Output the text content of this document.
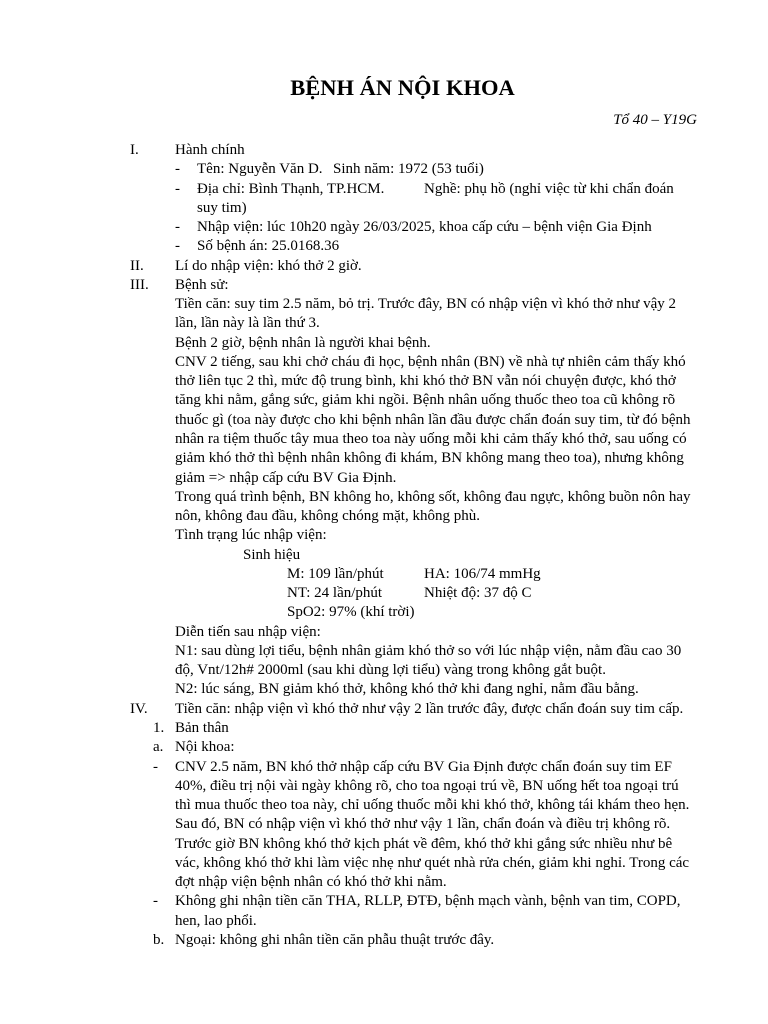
BỆNH ÁN NỘI KHOA
Tổ 40 – Y19G
I. Hành chính
- Tên: Nguyễn Văn D. Sinh năm: 1972 (53 tuổi)
- Địa chỉ: Bình Thạnh, TP.HCM.	Nghề: phụ hồ (nghỉ việc từ khi chẩn đoán
suy tim)
- Nhập viện: lúc 10h20 ngày 26/03/2025, khoa cấp cứu – bệnh viện Gia Định
- Số bệnh án: 25.0168.36
II. Lí do nhập viện: khó thở 2 giờ.
III. Bệnh sử:
Tiền căn: suy tim 2.5 năm, bỏ trị. Trước đây, BN có nhập viện vì khó thở như vậy 2
lần, lần này là lần thứ 3.
Bệnh 2 giờ, bệnh nhân là người khai bệnh.
CNV 2 tiếng, sau khi chở cháu đi học, bệnh nhân (BN) về nhà tự nhiên cảm thấy khó
thở liên tục 2 thì, mức độ trung bình, khi khó thở BN vẫn nói chuyện được, khó thở
tăng khi nằm, gắng sức, giảm khi ngồi. Bệnh nhân uống thuốc theo toa cũ không rõ
thuốc gì (toa này được cho khi bệnh nhân lần đầu được chẩn đoán suy tim, từ đó bệnh
nhân ra tiệm thuốc tây mua theo toa này uống mỗi khi cảm thấy khó thở, sau uống có
giảm khó thở thì bệnh nhân không đi khám, BN không mang theo toa), nhưng không
giảm => nhập cấp cứu BV Gia Định.
Trong quá trình bệnh, BN không ho, không sốt, không đau ngực, không buồn nôn hay
nôn, không đau đầu, không chóng mặt, không phù.
Tình trạng lúc nhập viện:
Sinh hiệu
M: 109 lần/phút	HA: 106/74 mmHg
NT: 24 lần/phút	Nhiệt độ: 37 độ C
SpO2: 97% (khí trời)
Diễn tiến sau nhập viện:
N1: sau dùng lợi tiểu, bệnh nhân giảm khó thở so với lúc nhập viện, nằm đầu cao 30
độ, Vnt/12h# 2000ml (sau khi dùng lợi tiểu) vàng trong không gắt buột.
N2: lúc sáng, BN giảm khó thở, không khó thở khi đang nghỉ, nằm đầu bằng.
IV. Tiền căn: nhập viện vì khó thở như vậy 2 lần trước đây, được chẩn đoán suy tim cấp.
1. Bản thân
a. Nội khoa:
- CNV 2.5 năm, BN khó thở nhập cấp cứu BV Gia Định được chẩn đoán suy tim EF
40%, điều trị nội vài ngày không rõ, cho toa ngoại trú về, BN uống hết toa ngoại trú
thì mua thuốc theo toa này, chỉ uống thuốc mỗi khi khó thở, không tái khám theo hẹn.
Sau đó, BN có nhập viện vì khó thở như vậy 1 lần, chẩn đoán và điều trị không rõ.
Trước giờ BN không khó thở kịch phát về đêm, khó thở khi gắng sức nhiều như bê
vác, không khó thở khi làm việc nhẹ như quét nhà rửa chén, giảm khi nghỉ. Trong các
đợt nhập viện bệnh nhân có khó thở khi nằm.
- Không ghi nhận tiền căn THA, RLLP, ĐTĐ, bệnh mạch vành, bệnh van tim, COPD,
hen, lao phổi.
b. Ngoại: không ghi nhân tiền căn phẫu thuật trước đây.
